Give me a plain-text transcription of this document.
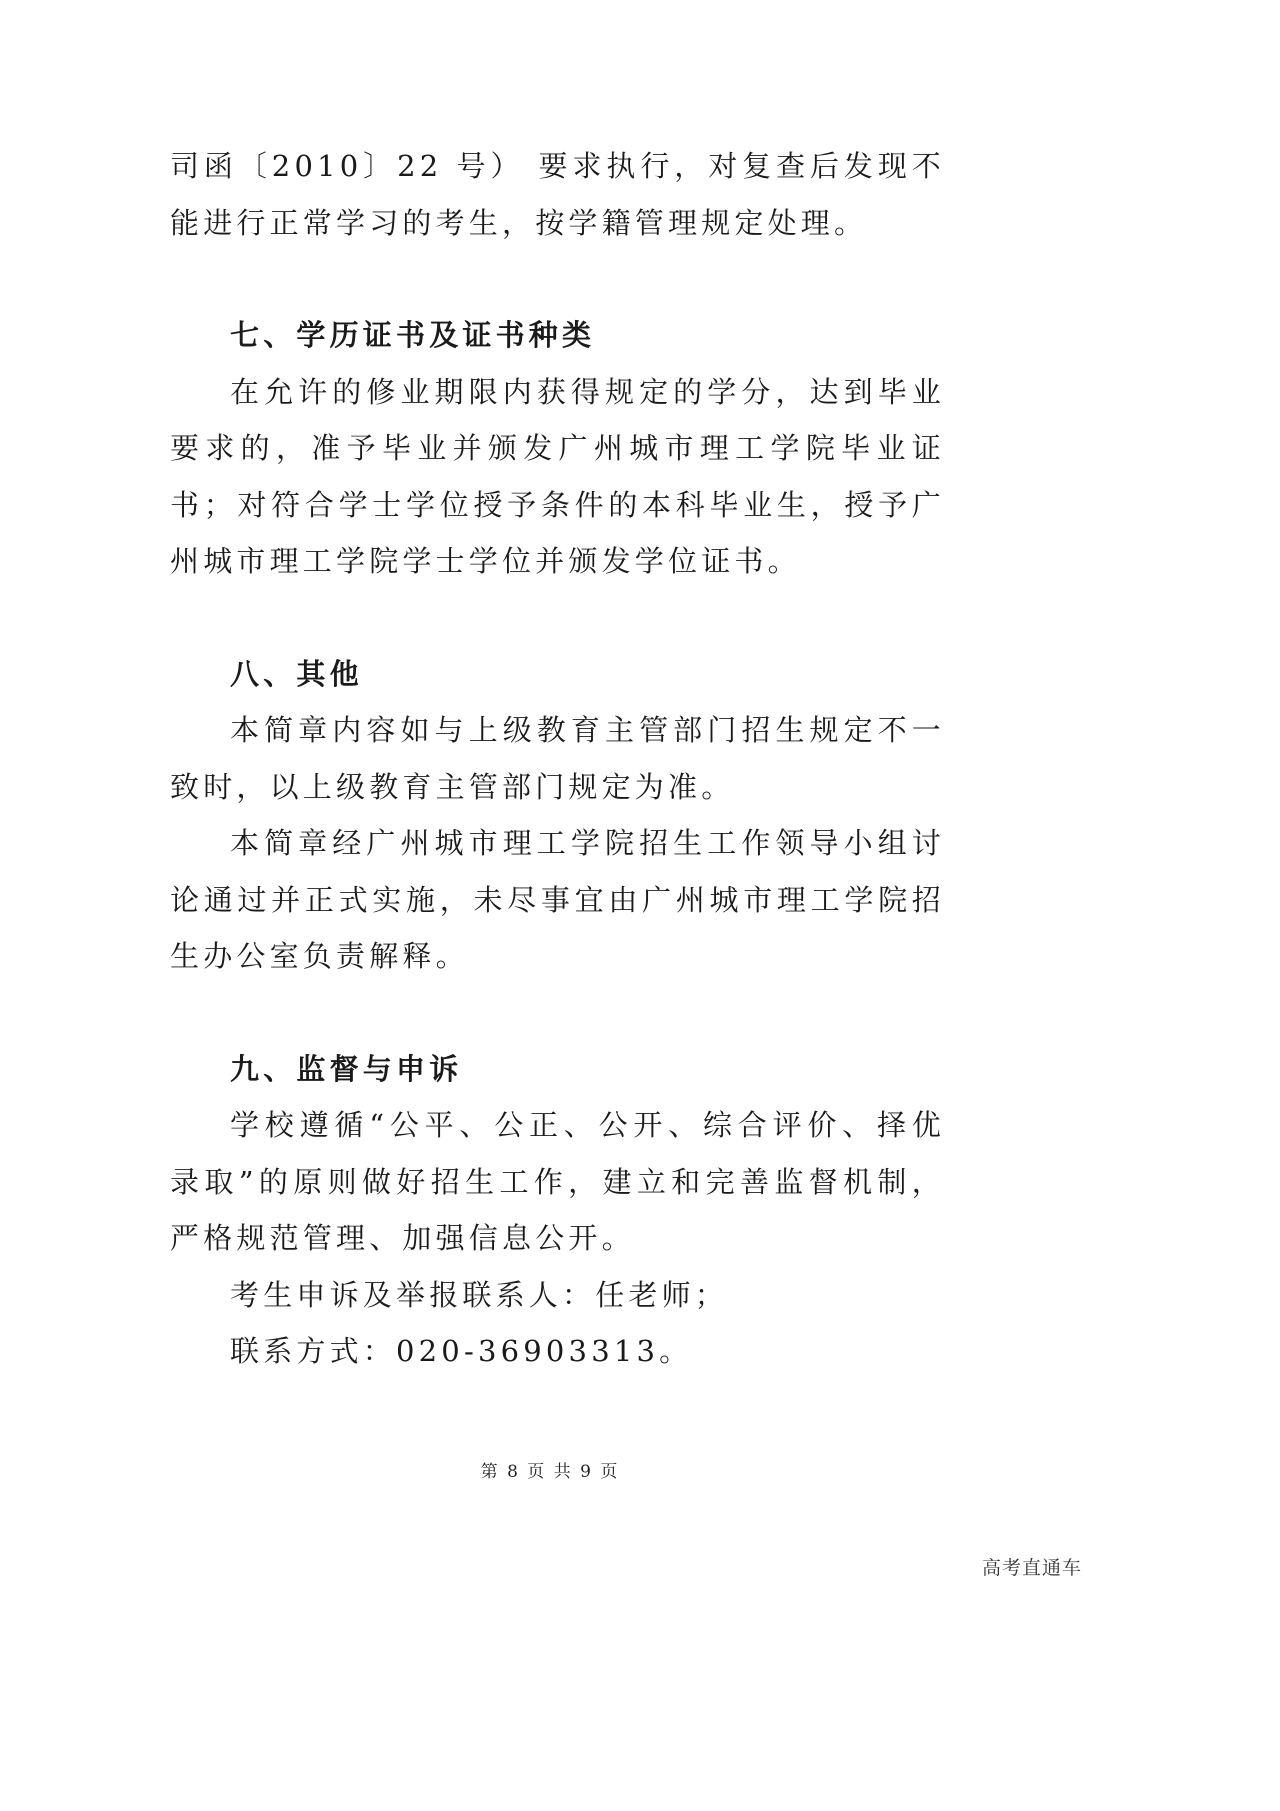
司函〔2010〕22 号） 要求执行，对复查后发现不能进行正常学习的考生，按学籍管理规定处理。

七、学历证书及证书种类

在允许的修业期限内获得规定的学分，达到毕业要求的，准予毕业并颁发广州城市理工学院毕业证书；对符合学士学位授予条件的本科毕业生，授予广州城市理工学院学士学位并颁发学位证书。

八、其他

本简章内容如与上级教育主管部门招生规定不一致时，以上级教育主管部门规定为准。

本简章经广州城市理工学院招生工作领导小组讨论通过并正式实施，未尽事宜由广州城市理工学院招生办公室负责解释。

九、监督与申诉

学校遵循“公平、公正、公开、综合评价、择优录取”的原则做好招生工作，建立和完善监督机制，严格规范管理、加强信息公开。

考生申诉及举报联系人：任老师；

联系方式：020-36903313。

第 8 页 共 9 页
高考直通车
